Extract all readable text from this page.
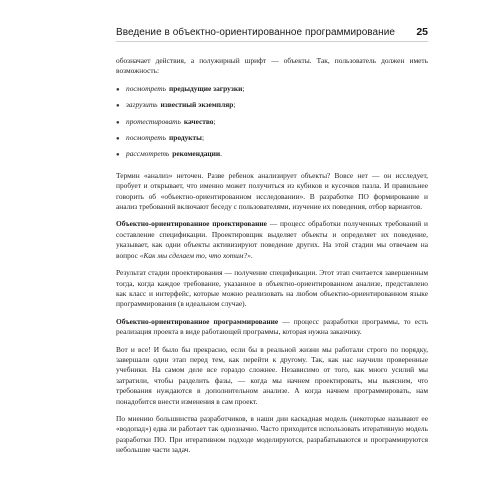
Введение в объектно-ориентированное программирование 25

обозначает действия, а полужирный шрифт — объекты. Так, пользователь должен иметь возможность:

● посмотреть предыдущие загрузки;
● загрузить известный экземпляр;
● протестировать качество;
● посмотреть продукты;
● рассмотреть рекомендации.

Термин «анализ» неточен. Разве ребенок анализирует объекты? Вовсе нет — он исследует, пробует и открывает, что именно может получиться из кубиков и кусочков пазла. И правильнее говорить об «объектно-ориентированном исследовании». В разработке ПО формирование и анализ требований включают беседу с пользователями, изучение их поведения, отбор вариантов.

Объектно-ориентированное проектирование — процесс обработки полученных требований и составление спецификации. Проектировщик выделяет объекты и определяет их поведение, указывает, как одни объекты активизируют поведение других. На этой стадии мы отвечаем на вопрос «Как мы сделаем то, что хотим?».

Результат стадии проектирования — получение спецификации. Этот этап считается завершенным тогда, когда каждое требование, указанное в объектно-ориентированном анализе, представлено как класс и интерфейс, которые можно реализовать на любом объектно-ориентированном языке программирования (в идеальном случае).

Объектно-ориентированное программирование — процесс разработки программы, то есть реализация проекта в виде работающей программы, которая нужна заказчику.

Вот и все! И было бы прекрасно, если бы в реальной жизни мы работали строго по порядку, завершали один этап перед тем, как перейти к другому. Так, как нас научили проверенные учебники. На самом деле все гораздо сложнее. Независимо от того, как много усилий мы затратили, чтобы разделить фазы, — когда мы начнем проектировать, мы выясним, что требования нуждаются в дополнительном анализе. А когда начнем программировать, нам понадобится внести изменения в сам проект.

По мнению большинства разработчиков, в наши дни каскадная модель (некоторые называют ее «водопад») едва ли работает так однозначно. Часто приходится использовать итеративную модель разработки ПО. При итеративном подходе моделируются, разрабатываются и программируются небольшие части задач.
